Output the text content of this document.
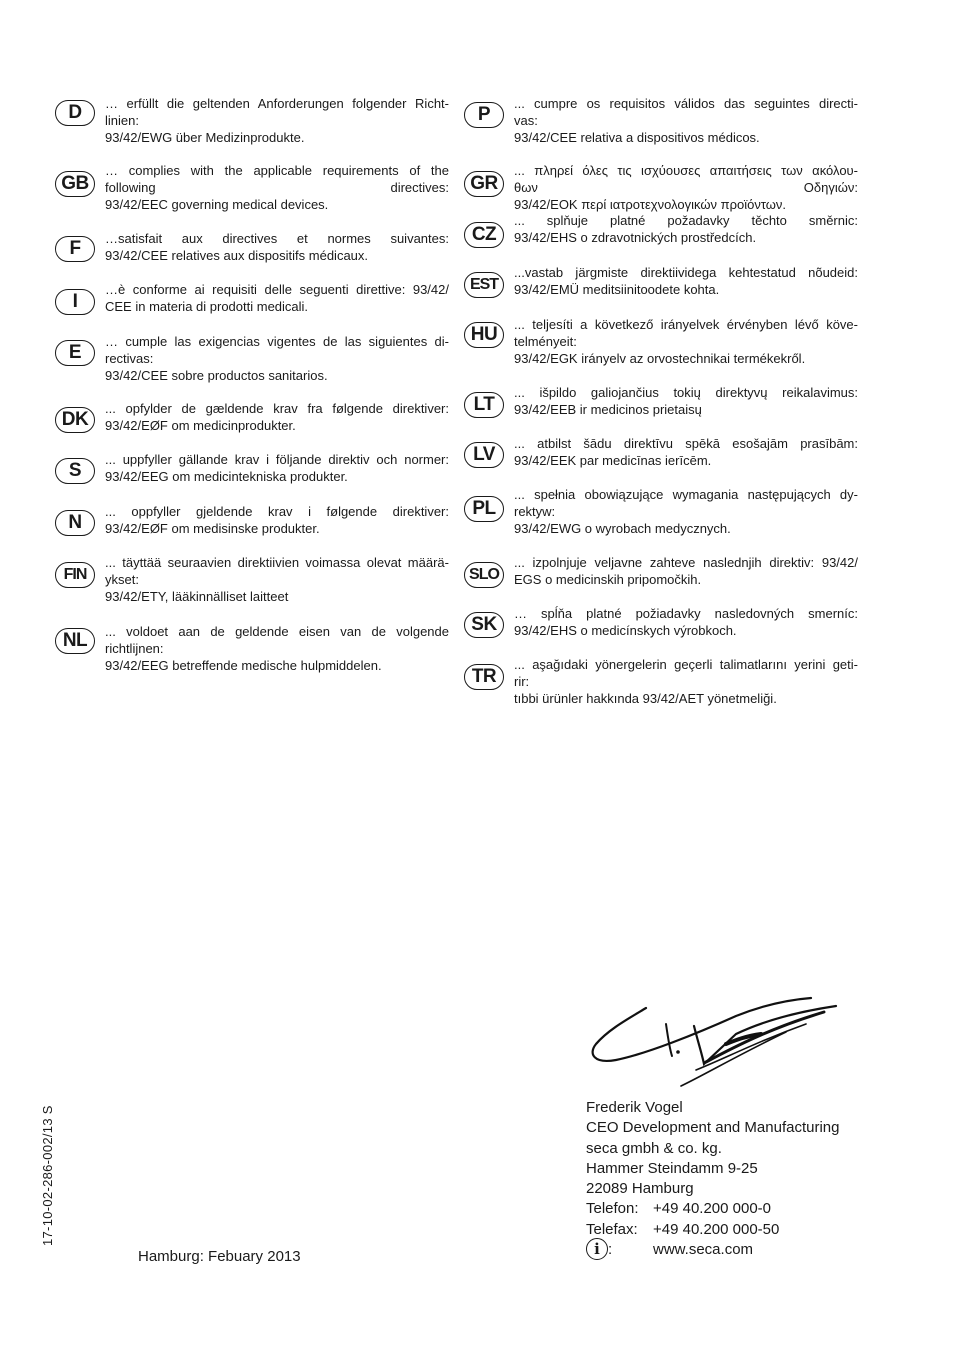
D	… erfüllt die geltenden Anforderungen folgender Richt-
linien:
93/42/EWG über Medizinprodukte.
GB
… complies with the applicable requirements of the
following directives:
93/42/EEC governing medical devices.
F	…satisfait aux directives et normes suivantes:
93/42/CEE relatives aux dispositifs médicaux.
I
…è conforme ai requisiti delle seguenti direttive: 93/42/
CEE in materia di prodotti medicali.
E
… cumple las exigencias vigentes de las siguientes di-
rectivas:
93/42/CEE sobre productos sanitarios.
DK
... opfylder de gældende krav fra følgende direktiver:
93/42/EØF om medicinprodukter.
S
... uppfyller gällande krav i följande direktiv och normer:
93/42/EEG om medicintekniska produkter.
N
... oppfyller gjeldende krav i følgende direktiver:
93/42/EØF om medisinske produkter.
FIN
... täyttää seuraavien direktiivien voimassa olevat määrä-
ykset:
93/42/ETY, lääkinnälliset laitteet
NL	... voldoet aan de geldende eisen van de volgende
richtlijnen:
93/42/EEG betreffende medische hulpmiddelen.
P
... cumpre os requisitos válidos das seguintes directi-
vas:
93/42/CEE relativa a dispositivos médicos.
GR
... πληρεί όλες τις ισχύουσες απαιτήσεις των ακόλου-
θων Οδηγιών:
93/42/EOK περί ιατροτεχνολογικών προϊόντων.
CZ
... splňuje platné požadavky těchto směrnic:
93/42/EHS o zdravotnických prostředcích.
EST
...vastab järgmiste direktiividega kehtestatud nõudeid:
93/42/EMÜ meditsiinitoodete kohta.
HU	... teljesíti a következő irányelvek érvényben lévő köve-
telményeit:
93/42/EGK irányelv az orvostechnikai termékekről.
LT
... išpildo galiojančius tokių direktyvų reikalavimus:
93/42/EEB ir medicinos prietaisų
LV
... atbilst šādu direktīvu spēkā esošajām prasībām:
93/42/EEK par medicīnas ierīcēm.
PL
... spełnia obowiązujące wymagania następujących dy-
rektyw:
93/42/EWG o wyrobach medycznych.
SLO
... izpolnjuje veljavne zahteve naslednjih direktiv: 93/42/
EGS o medicinskih pripomočkih.
SK
… spĺňa platné požiadavky nasledovných smerníc:
93/42/EHS o medicínskych výrobkoch.
TR
... aşağıdaki yönergelerin geçerli talimatlarını yerini geti-
rir:
tıbbi ürünler hakkında 93/42/AET yönetmeliği.
17-10-02-286-002/13 S
Hamburg: Febuary 2013
Frederik Vogel
CEO Development and Manufacturing
seca gmbh & co. kg.
Hammer Steindamm 9-25
22089 Hamburg
Telefon: +49 40.200 000-0
Telefax:	+49 40.200 000-50
i :	www.seca.com
